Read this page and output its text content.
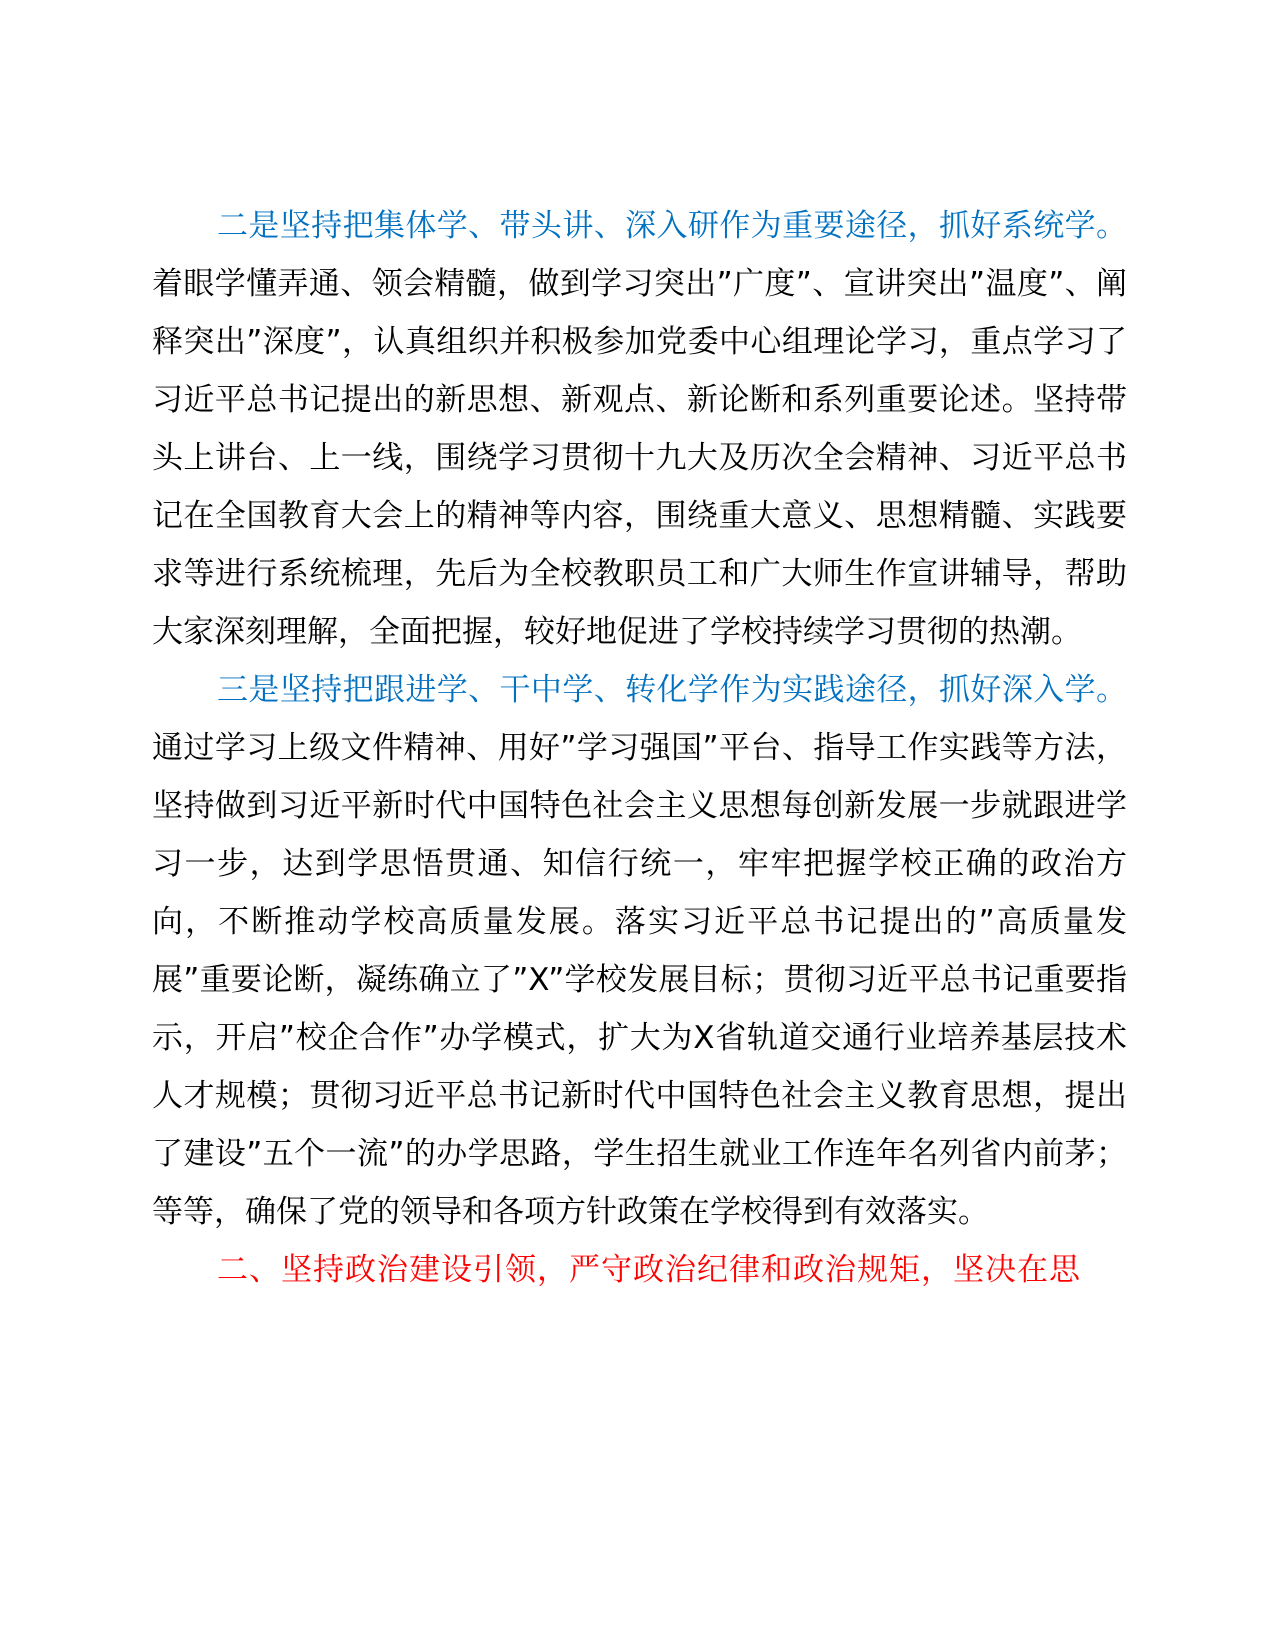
二是坚持把集体学、带头讲、深入研作为重要途径，抓好系统学。着眼学懂弄通、领会精髓，做到学习突出”广度”、宣讲突出”温度”、阐释突出”深度”，认真组织并积极参加党委中心组理论学习，重点学习了习近平总书记提出的新思想、新观点、新论断和系列重要论述。坚持带头上讲台、上一线，围绕学习贯彻十九大及历次全会精神、习近平总书记在全国教育大会上的精神等内容，围绕重大意义、思想精髓、实践要求等进行系统梳理，先后为全校教职员工和广大师生作宣讲辅导，帮助大家深刻理解，全面把握，较好地促进了学校持续学习贯彻的热潮。

三是坚持把跟进学、干中学、转化学作为实践途径，抓好深入学。通过学习上级文件精神、用好”学习强国”平台、指导工作实践等方法，坚持做到习近平新时代中国特色社会主义思想每创新发展一步就跟进学习一步，达到学思悟贯通、知信行统一，牢牢把握学校正确的政治方向，不断推动学校高质量发展。落实习近平总书记提出的”高质量发展”重要论断，凝练确立了”X”学校发展目标；贯彻习近平总书记重要指示，开启”校企合作”办学模式，扩大为X省轨道交通行业培养基层技术人才规模；贯彻习近平总书记新时代中国特色社会主义教育思想，提出了建设”五个一流”的办学思路，学生招生就业工作连年名列省内前茅；等等，确保了党的领导和各项方针政策在学校得到有效落实。

二、坚持政治建设引领，严守政治纪律和政治规矩，坚决在思
